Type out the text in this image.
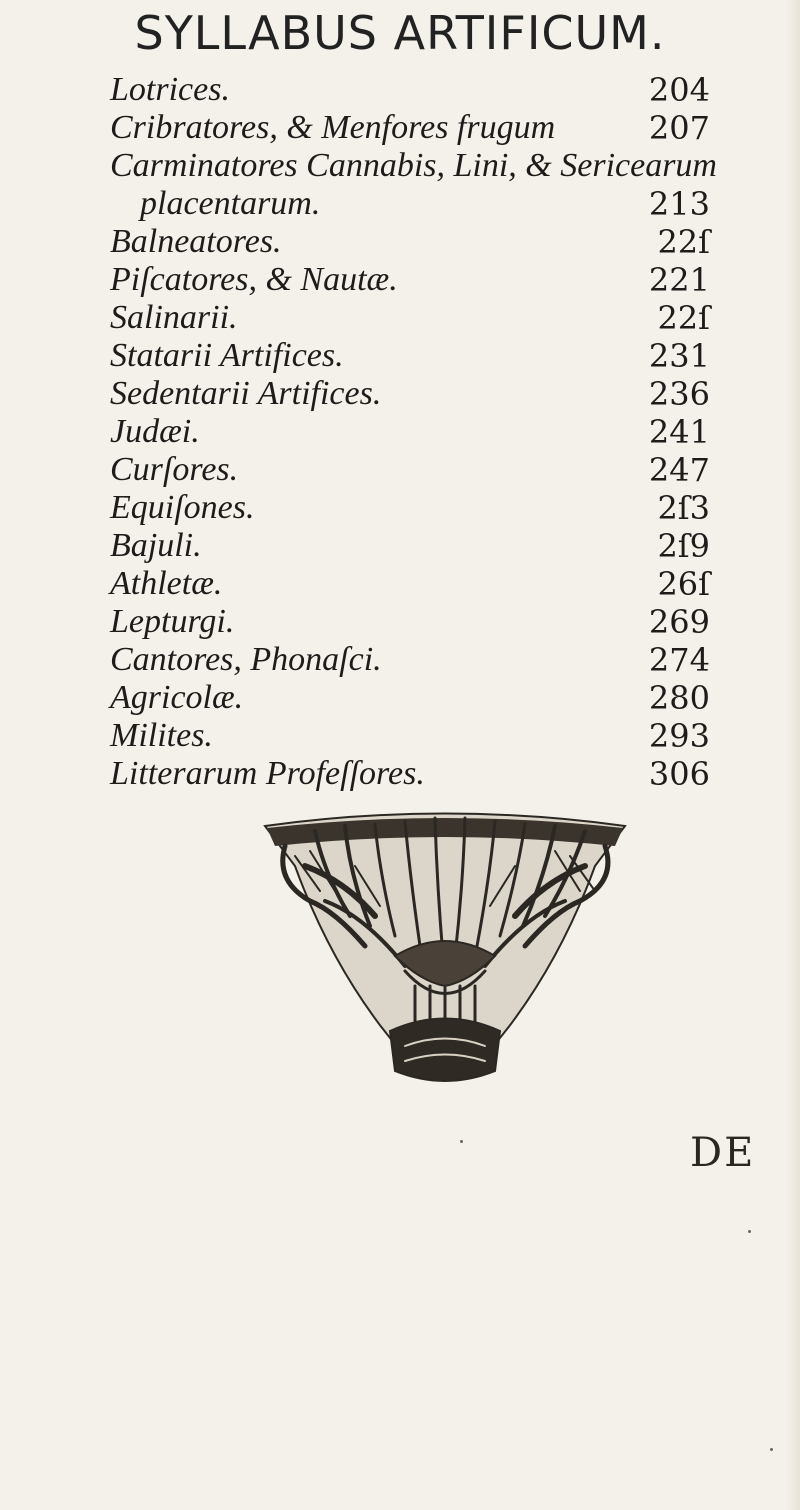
SYLLABUS ARTIFICUM.
Lotrices.	204
Cribratores, & Menfores frugum	207
Carminatores Cannabis, Lini, & Sericearum
placentarum.	213
Balneatores.	22ſ
Piſcatores, & Nautæ.	221
Salinarii.	22ſ
Statarii Artifices.	231
Sedentarii Artifices.	236
Judæi.	241
Curſores.	247
Equiſones.	2ſ3
Bajuli.	2ſ9
Athletæ.	26ſ
Lepturgi.	269
Cantores, Phonaſci.	274
Agricolæ.	280
Milites.	293
Litterarum Profeſſores.	306
DE
